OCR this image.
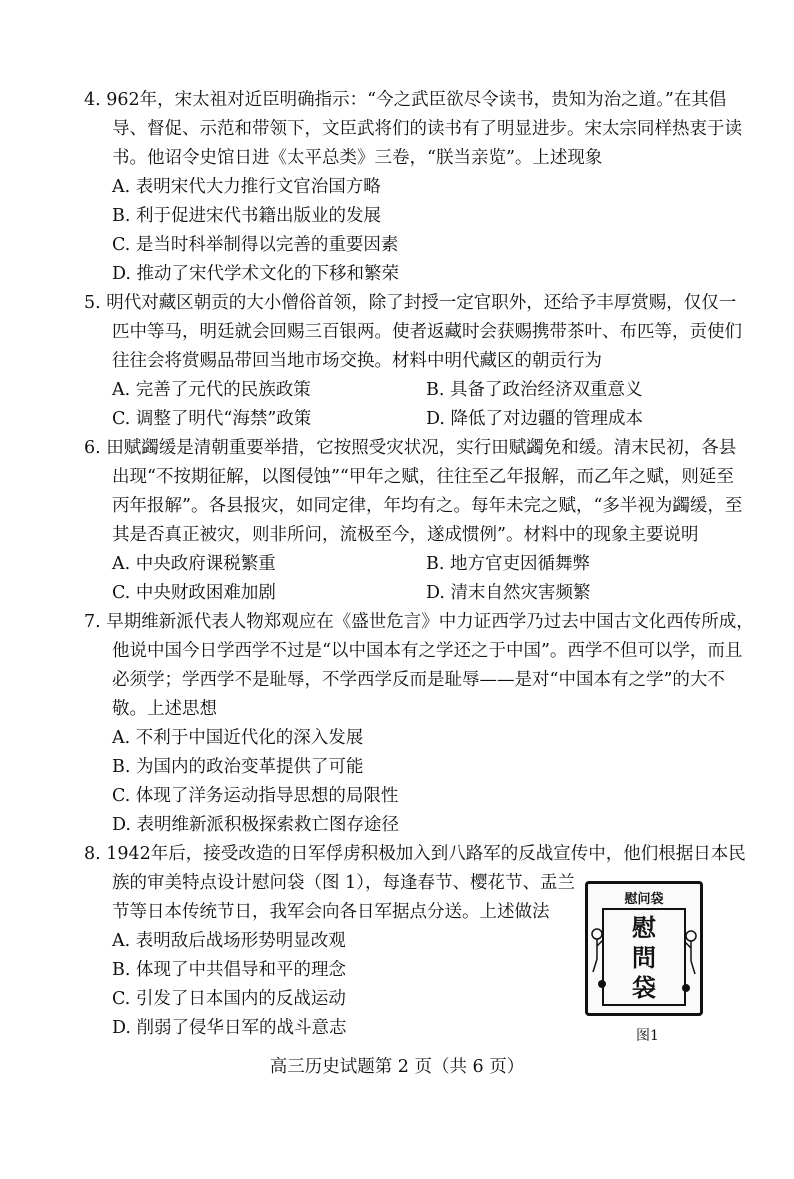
4. 962年，宋太祖对近臣明确指示：“今之武臣欲尽令读书，贵知为治之道。”在其倡
导、督促、示范和带领下，文臣武将们的读书有了明显进步。宋太宗同样热衷于读
书。他诏令史馆日进《太平总类》三卷，“朕当亲览”。上述现象
A. 表明宋代大力推行文官治国方略
B. 利于促进宋代书籍出版业的发展
C. 是当时科举制得以完善的重要因素
D. 推动了宋代学术文化的下移和繁荣
5. 明代对藏区朝贡的大小僧俗首领，除了封授一定官职外，还给予丰厚赏赐，仅仅一
匹中等马，明廷就会回赐三百银两。使者返藏时会获赐携带茶叶、布匹等，贡使们
往往会将赏赐品带回当地市场交换。材料中明代藏区的朝贡行为
A. 完善了元代的民族政策	B. 具备了政治经济双重意义
C. 调整了明代“海禁”政策	D. 降低了对边疆的管理成本
6. 田赋蠲缓是清朝重要举措，它按照受灾状况，实行田赋蠲免和缓。清末民初，各县
出现“不按期征解，以图侵蚀”“甲年之赋，往往至乙年报解，而乙年之赋，则延至
丙年报解”。各县报灾，如同定律，年均有之。每年未完之赋，“多半视为蠲缓，至
其是否真正被灾，则非所问，流极至今，遂成惯例”。材料中的现象主要说明
A. 中央政府课税繁重	B. 地方官吏因循舞弊
C. 中央财政困难加剧	D. 清末自然灾害频繁
7. 早期维新派代表人物郑观应在《盛世危言》中力证西学乃过去中国古文化西传所成，
他说中国今日学西学不过是“以中国本有之学还之于中国”。西学不但可以学，而且
必须学；学西学不是耻辱，不学西学反而是耻辱——是对“中国本有之学”的大不
敬。上述思想
A. 不利于中国近代化的深入发展
B. 为国内的政治变革提供了可能
C. 体现了洋务运动指导思想的局限性
D. 表明维新派积极探索救亡图存途径
8. 1942年后，接受改造的日军俘虏积极加入到八路军的反战宣传中，他们根据日本民
族的审美特点设计慰问袋（图 1），每逢春节、樱花节、盂兰
节等日本传统节日，我军会向各日军据点分送。上述做法
A. 表明敌后战场形势明显改观
B. 体现了中共倡导和平的理念
C. 引发了日本国内的反战运动
D. 削弱了侵华日军的战斗意志
慰问袋
慰
問
袋
图1
高三历史试题第 2 页（共 6 页）
